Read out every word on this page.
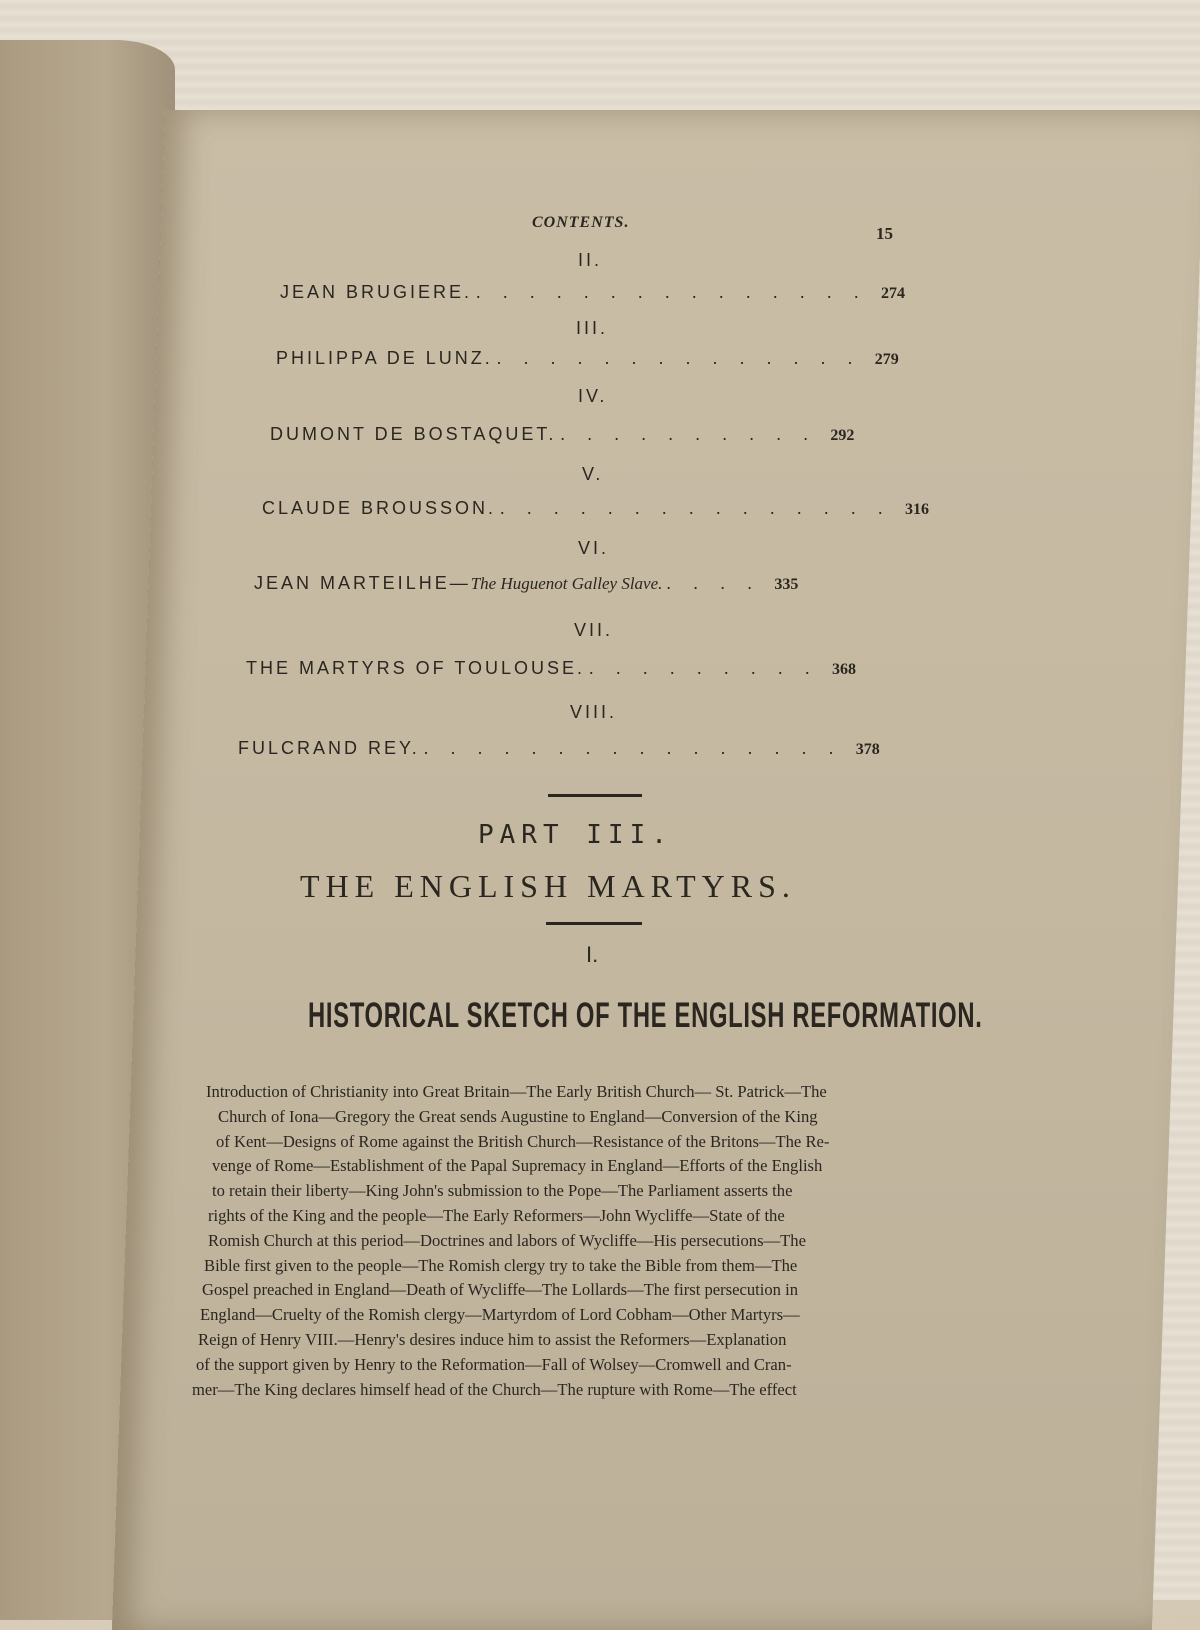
CONTENTS.
15
II.
JEAN BRUGIERE. . . . . . . . . . . . . . . . 274
III.
PHILIPPA DE LUNZ. . . . . . . . . . . . . . . 279
IV.
DUMONT DE BOSTAQUET. . . . . . . . . . . 292
V.
CLAUDE BROUSSON. . . . . . . . . . . . . . . . 316
VI.
JEAN MARTEILHE—The Huguenot Galley Slave. . . . . 335
VII.
THE MARTYRS OF TOULOUSE. . . . . . . . . . 368
VIII.
FULCRAND REY. . . . . . . . . . . . . . . . . 378
PART III.
THE ENGLISH MARTYRS.
I.
HISTORICAL SKETCH OF THE ENGLISH REFORMATION.
Introduction of Christianity into Great Britain—The Early British Church— St. Patrick—The
Church of Iona—Gregory the Great sends Augustine to England—Conversion of the King
of Kent—Designs of Rome against the British Church—Resistance of the Britons—The Re-
venge of Rome—Establishment of the Papal Supremacy in England—Efforts of the English
to retain their liberty—King John's submission to the Pope—The Parliament asserts the
rights of the King and the people—The Early Reformers—John Wycliffe—State of the
Romish Church at this period—Doctrines and labors of Wycliffe—His persecutions—The
Bible first given to the people—The Romish clergy try to take the Bible from them—The
Gospel preached in England—Death of Wycliffe—The Lollards—The first persecution in
England—Cruelty of the Romish clergy—Martyrdom of Lord Cobham—Other Martyrs—
Reign of Henry VIII.—Henry's desires induce him to assist the Reformers—Explanation
of the support given by Henry to the Reformation—Fall of Wolsey—Cromwell and Cran-
mer—The King declares himself head of the Church—The rupture with Rome—The effect
